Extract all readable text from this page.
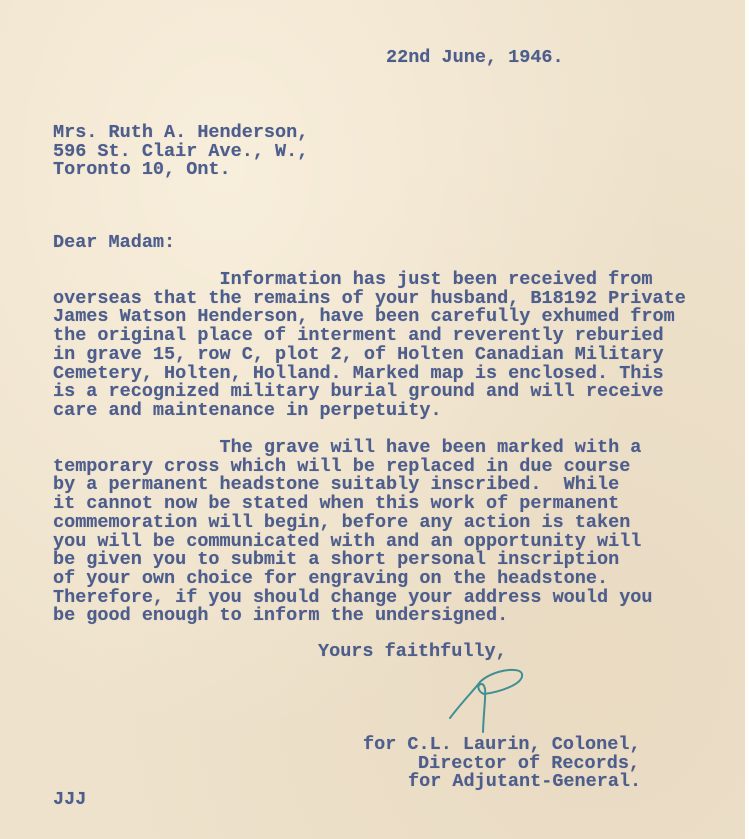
22nd June, 1946.
Mrs. Ruth A. Henderson,
596 St. Clair Ave., W.,
Toronto 10, Ont.
Dear Madam:
Information has just been received from
overseas that the remains of your husband, B18192 Private
James Watson Henderson, have been carefully exhumed from
the original place of interment and reverently reburied
in grave 15, row C, plot 2, of Holten Canadian Military
Cemetery, Holten, Holland. Marked map is enclosed. This
is a recognized military burial ground and will receive
care and maintenance in perpetuity.
The grave will have been marked with a
temporary cross which will be replaced in due course
by a permanent headstone suitably inscribed.  While
it cannot now be stated when this work of permanent
commemoration will begin, before any action is taken
you will be communicated with and an opportunity will
be given you to submit a short personal inscription
of your own choice for engraving on the headstone.
Therefore, if you should change your address would you
be good enough to inform the undersigned.
Yours faithfully,
for C.L. Laurin, Colonel,
Director of Records,
for Adjutant-General.
JJJ
